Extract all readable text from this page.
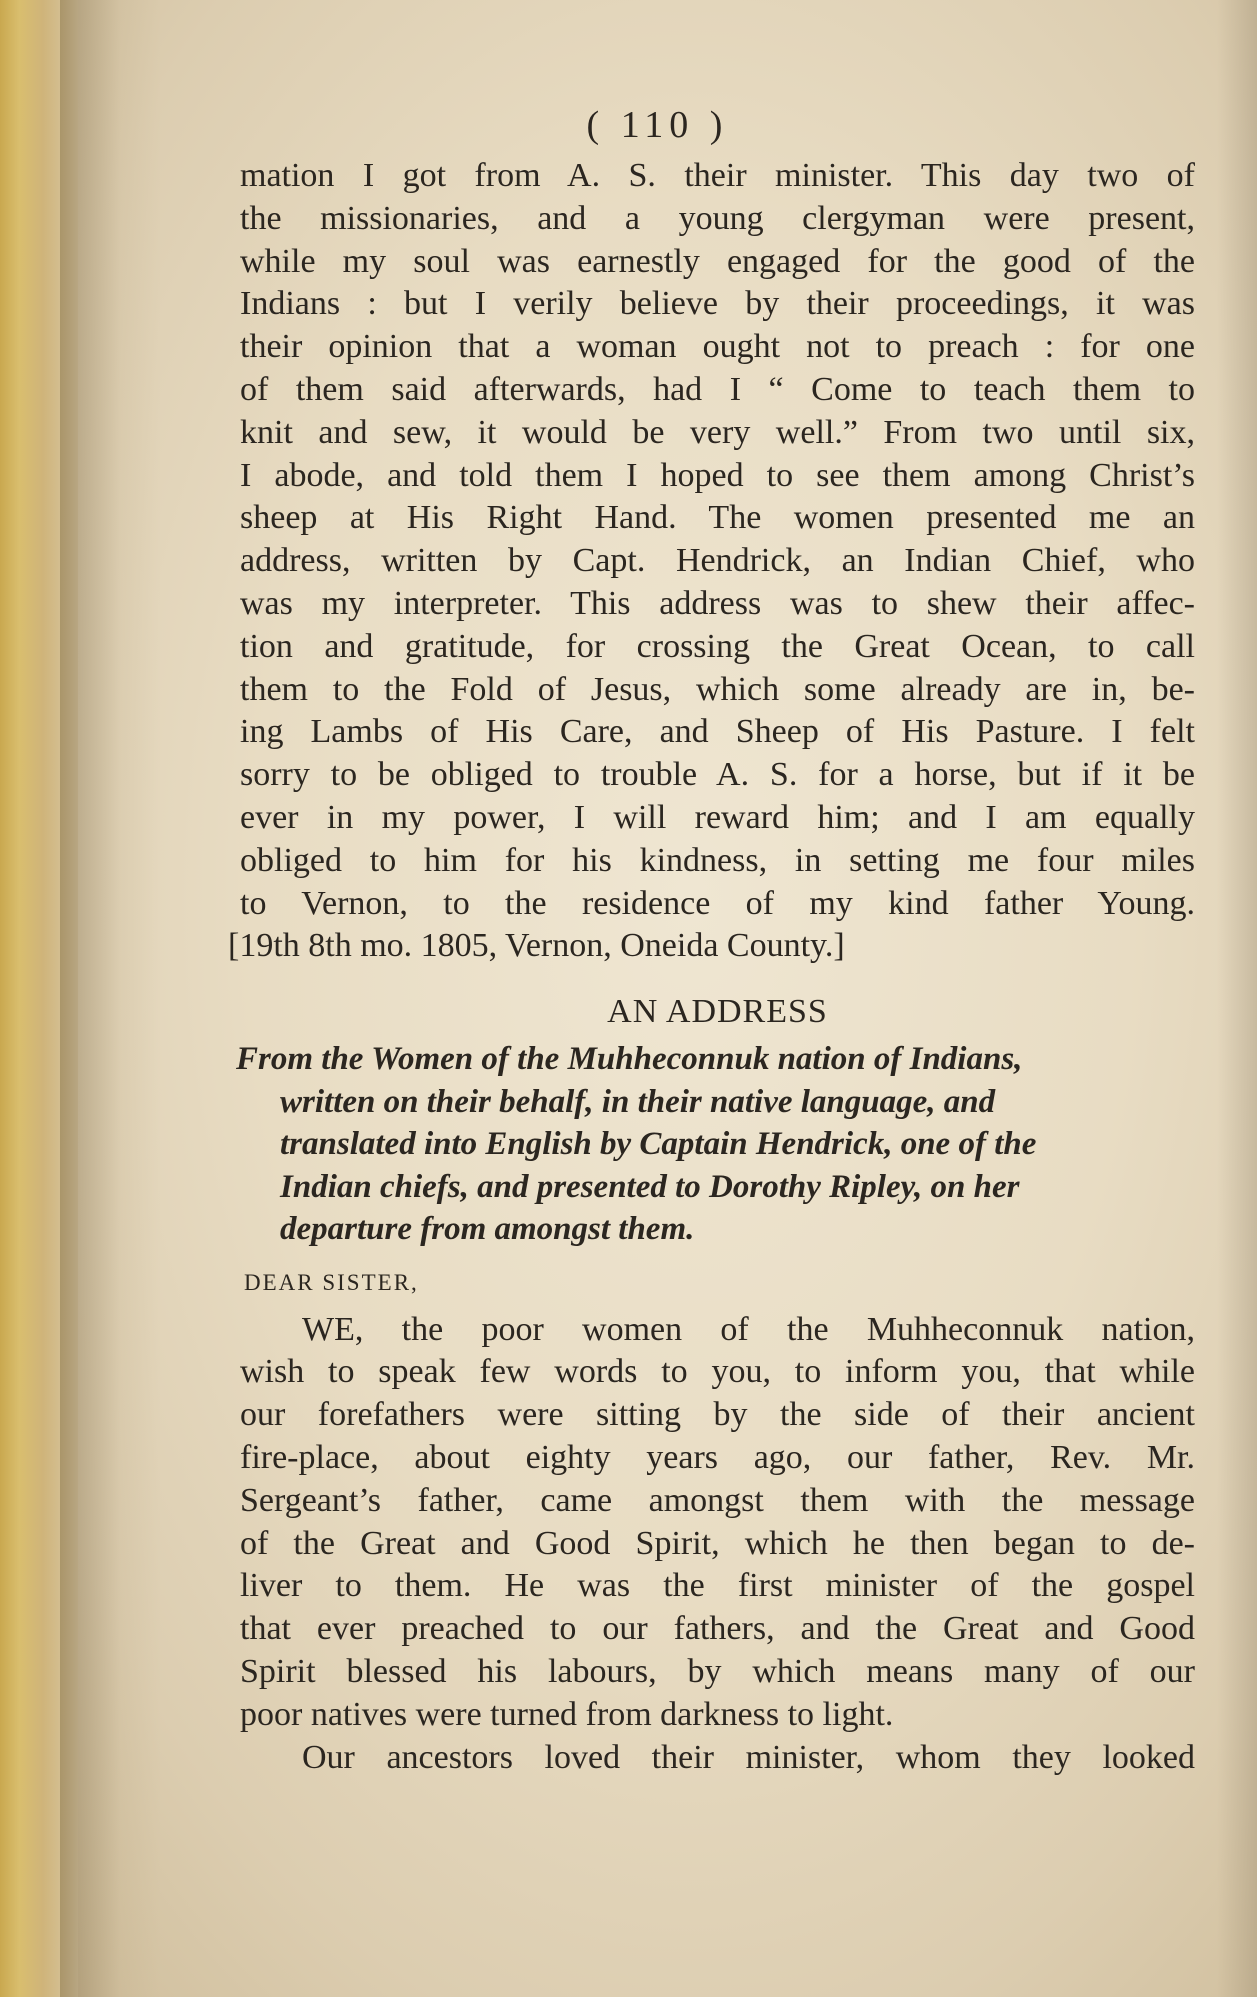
( 110 )
mation I got from A. S. their minister. This day two of
the missionaries, and a young clergyman were present,
while my soul was earnestly engaged for the good of the
Indians : but I verily believe by their proceedings, it was
their opinion that a woman ought not to preach : for one
of them said afterwards, had I “ Come to teach them to
knit and sew, it would be very well.” From two until six,
I abode, and told them I hoped to see them among Christ’s
sheep at His Right Hand. The women presented me an
address, written by Capt. Hendrick, an Indian Chief, who
was my interpreter. This address was to shew their affec-
tion and gratitude, for crossing the Great Ocean, to call
them to the Fold of Jesus, which some already are in, be-
ing Lambs of His Care, and Sheep of His Pasture. I felt
sorry to be obliged to trouble A. S. for a horse, but if it be
ever in my power, I will reward him; and I am equally
obliged to him for his kindness, in setting me four miles
to Vernon, to the residence of my kind father Young.
[19th 8th mo. 1805, Vernon, Oneida County.]
AN ADDRESS
From the Women of the Muhheconnuk nation of Indians,
written on their behalf, in their native language, and
translated into English by Captain Hendrick, one of the
Indian chiefs, and presented to Dorothy Ripley, on her
departure from amongst them.
DEAR SISTER,
WE, the poor women of the Muhheconnuk nation,
wish to speak few words to you, to inform you, that while
our forefathers were sitting by the side of their ancient
fire-place, about eighty years ago, our father, Rev. Mr.
Sergeant’s father, came amongst them with the message
of the Great and Good Spirit, which he then began to de-
liver to them. He was the first minister of the gospel
that ever preached to our fathers, and the Great and Good
Spirit blessed his labours, by which means many of our
poor natives were turned from darkness to light.
Our ancestors loved their minister, whom they looked
